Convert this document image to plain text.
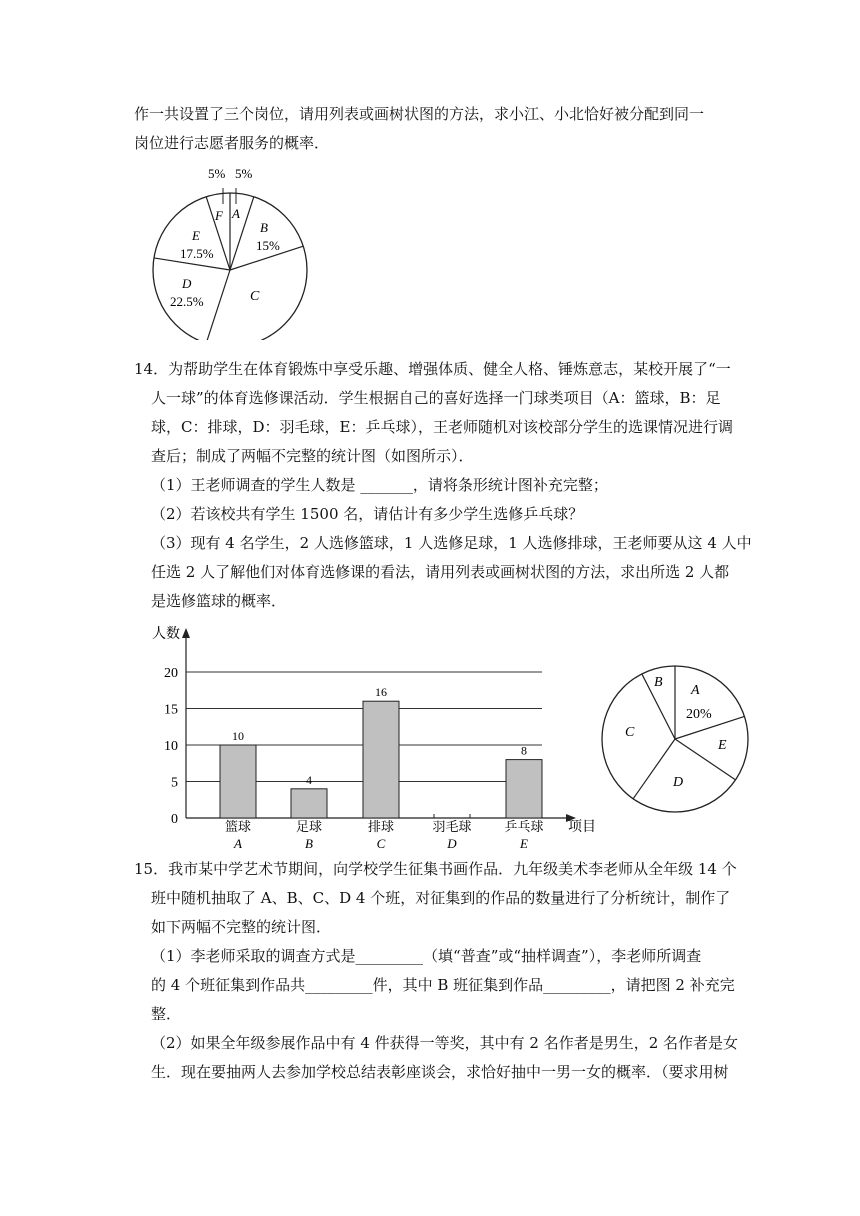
作一共设置了三个岗位，请用列表或画树状图的方法，求小江、小北恰好被分配到同一
岗位进行志愿者服务的概率．
5% 5%
F A
B
15%
E
17.5%
D
22.5%	C
14．为帮助学生在体育锻炼中享受乐趣、增强体质、健全人格、锤炼意志，某校开展了“一
人一球”的体育选修课活动．学生根据自己的喜好选择一门球类项目（A：篮球，B：足
球，C：排球，D：羽毛球，E：乒乓球），王老师随机对该校部分学生的选课情况进行调
查后；制成了两幅不完整的统计图（如图所示）．
（1）王老师调查的学生人数是 _______，请将条形统计图补充完整；
（2）若该校共有学生 1500 名，请估计有多少学生选修乒乓球？
（3）现有 4 名学生，2 人选修篮球，1 人选修足球，1 人选修排球，王老师要从这 4 人中
任选 2 人了解他们对体育选修课的看法，请用列表或画树状图的方法，求出所选 2 人都
是选修篮球的概率．
人数
项目
0
5
10
15
20
10
篮球
A
4
足球
B
16
排球
C
羽毛球
D
8
乒乓球
E
A
20%
B
C
D
E
15．我市某中学艺术节期间，向学校学生征集书画作品．九年级美术李老师从全年级 14 个
班中随机抽取了 A、B、C、D 4 个班，对征集到的作品的数量进行了分析统计，制作了
如下两幅不完整的统计图．
（1）李老师采取的调查方式是_________（填“普查”或“抽样调查”），李老师所调查
的 4 个班征集到作品共_________件，其中 B 班征集到作品_________，请把图 2 补充完
整．
（2）如果全年级参展作品中有 4 件获得一等奖，其中有 2 名作者是男生，2 名作者是女
生．现在要抽两人去参加学校总结表彰座谈会，求恰好抽中一男一女的概率．（要求用树
